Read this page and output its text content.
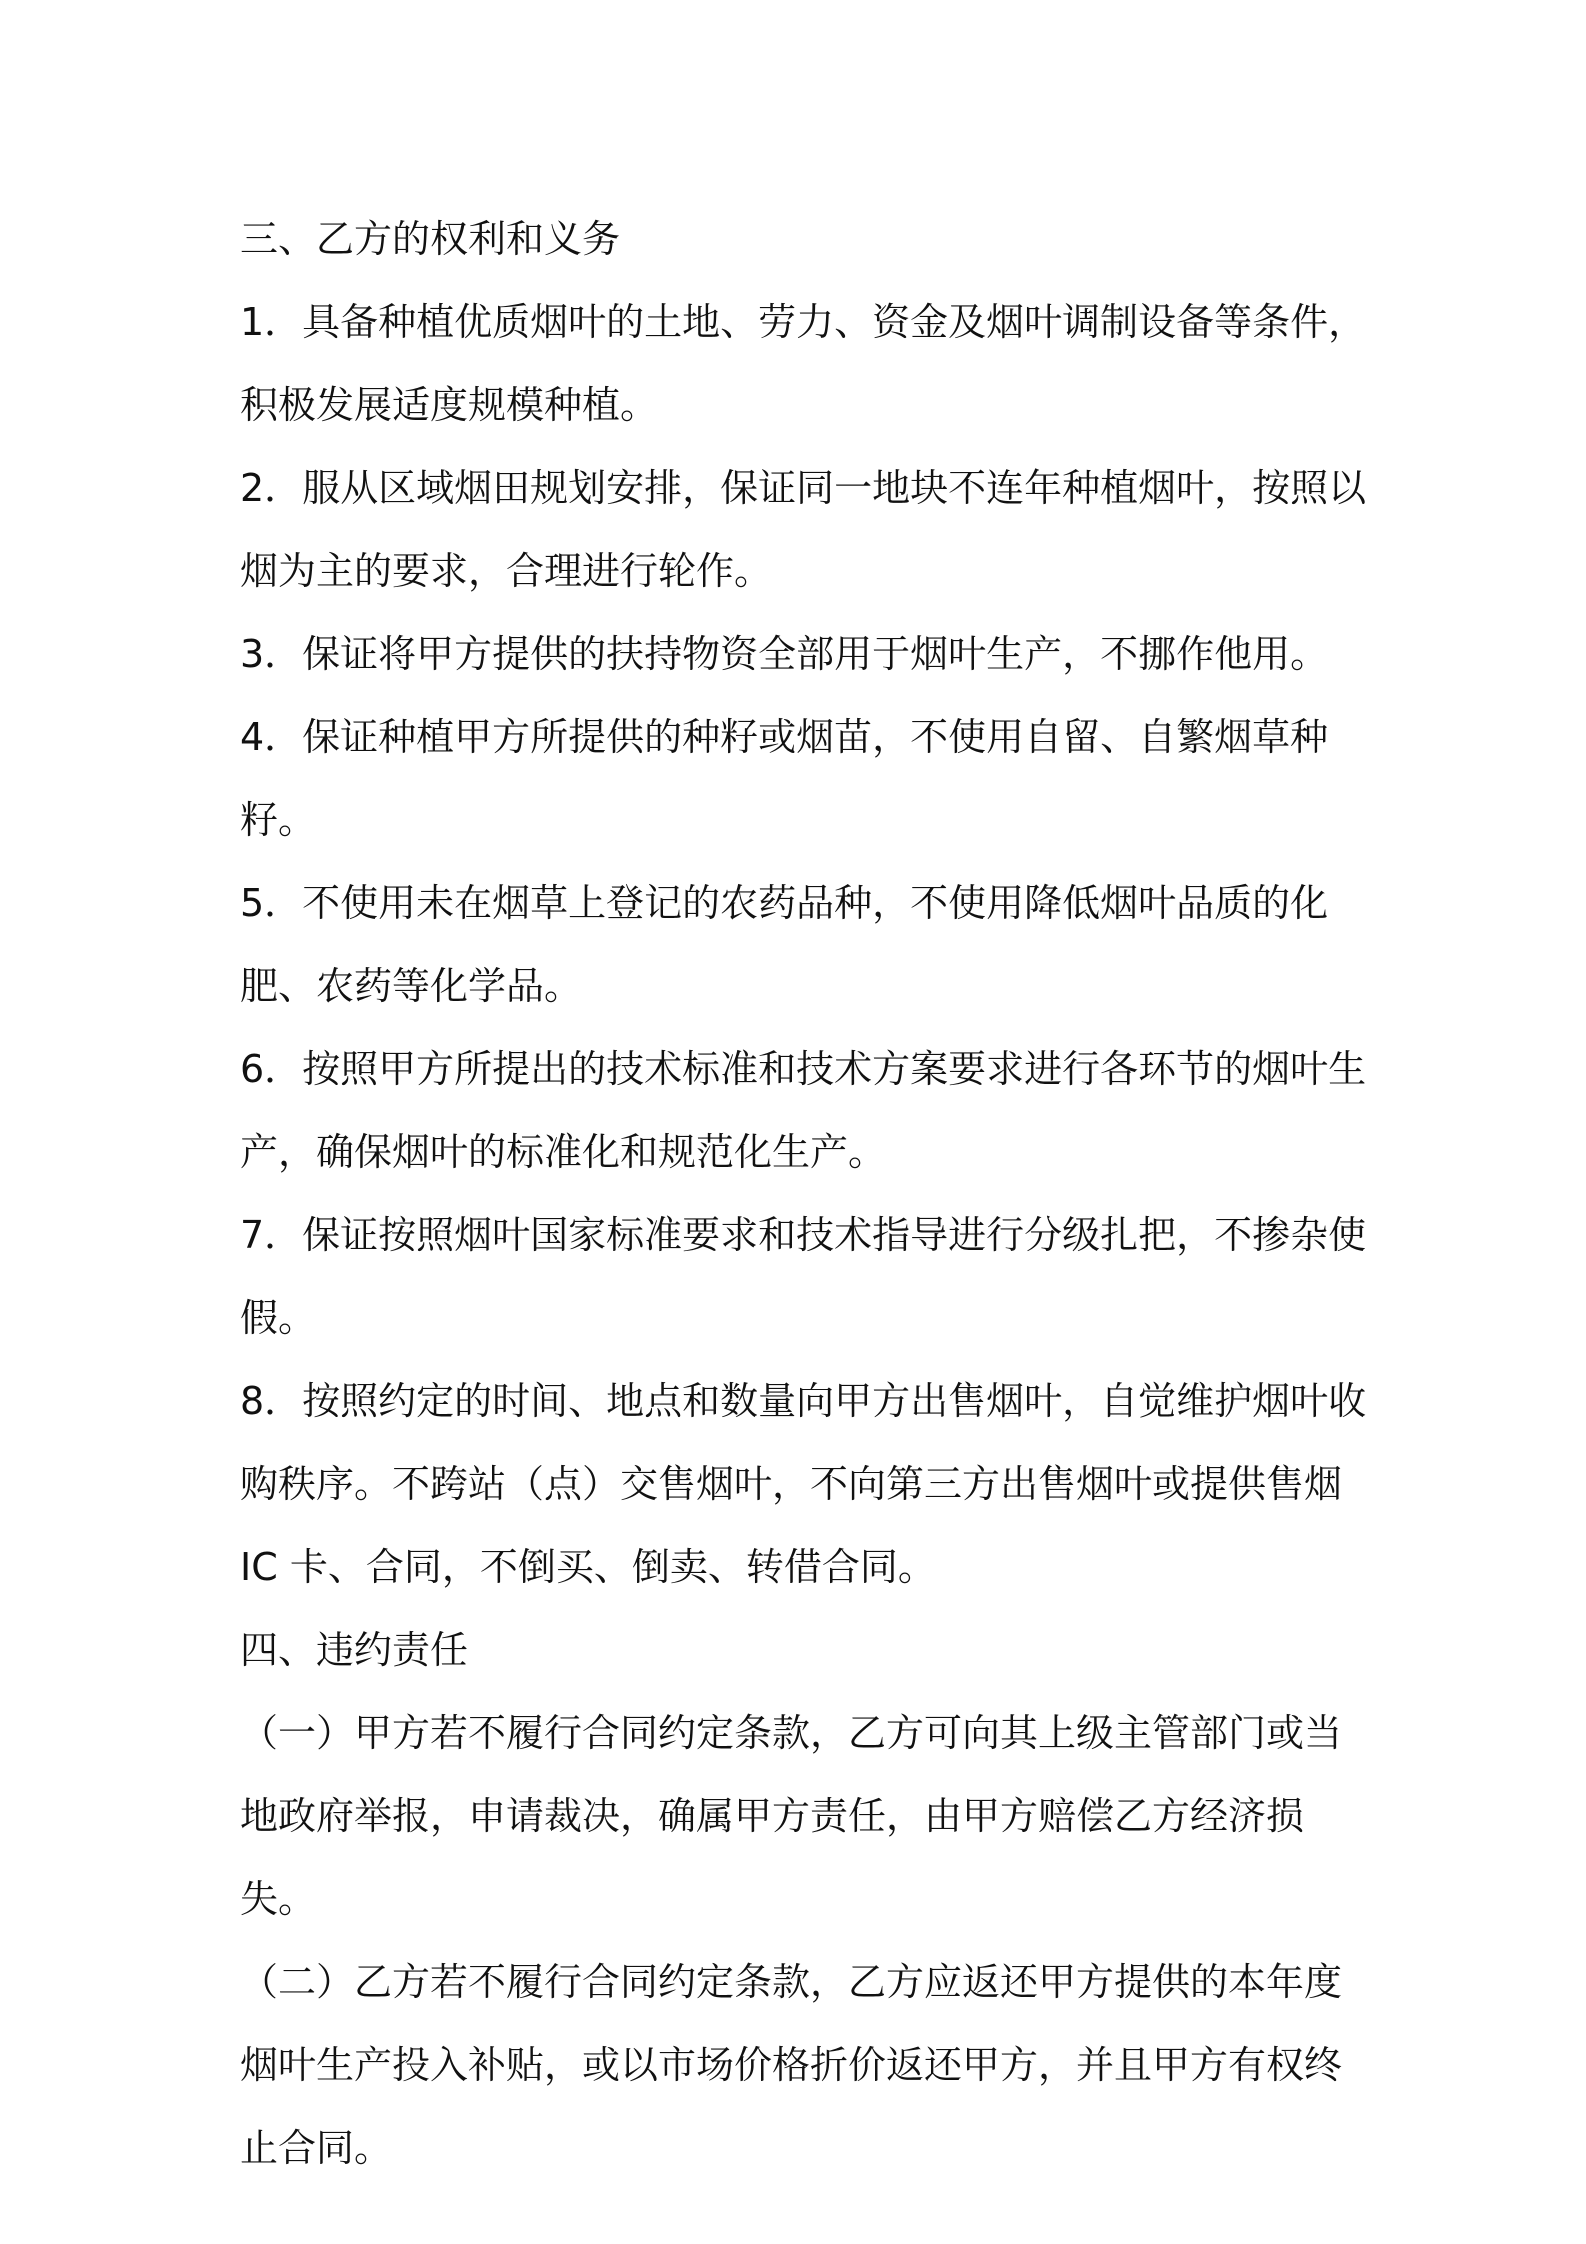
三、乙方的权利和义务

1．具备种植优质烟叶的土地、劳力、资金及烟叶调制设备等条件，积极发展适度规模种植。

2．服从区域烟田规划安排，保证同一地块不连年种植烟叶，按照以烟为主的要求，合理进行轮作。

3．保证将甲方提供的扶持物资全部用于烟叶生产，不挪作他用。

4．保证种植甲方所提供的种籽或烟苗，不使用自留、自繁烟草种籽。

5．不使用未在烟草上登记的农药品种，不使用降低烟叶品质的化肥、农药等化学品。

6．按照甲方所提出的技术标准和技术方案要求进行各环节的烟叶生产，确保烟叶的标准化和规范化生产。

7．保证按照烟叶国家标准要求和技术指导进行分级扎把，不掺杂使假。

8．按照约定的时间、地点和数量向甲方出售烟叶，自觉维护烟叶收购秩序。不跨站（点）交售烟叶，不向第三方出售烟叶或提供售烟 IC 卡、合同，不倒买、倒卖、转借合同。

四、违约责任

（一）甲方若不履行合同约定条款，乙方可向其上级主管部门或当地政府举报，申请裁决，确属甲方责任，由甲方赔偿乙方经济损失。

（二）乙方若不履行合同约定条款，乙方应返还甲方提供的本年度烟叶生产投入补贴，或以市场价格折价返还甲方，并且甲方有权终止合同。
